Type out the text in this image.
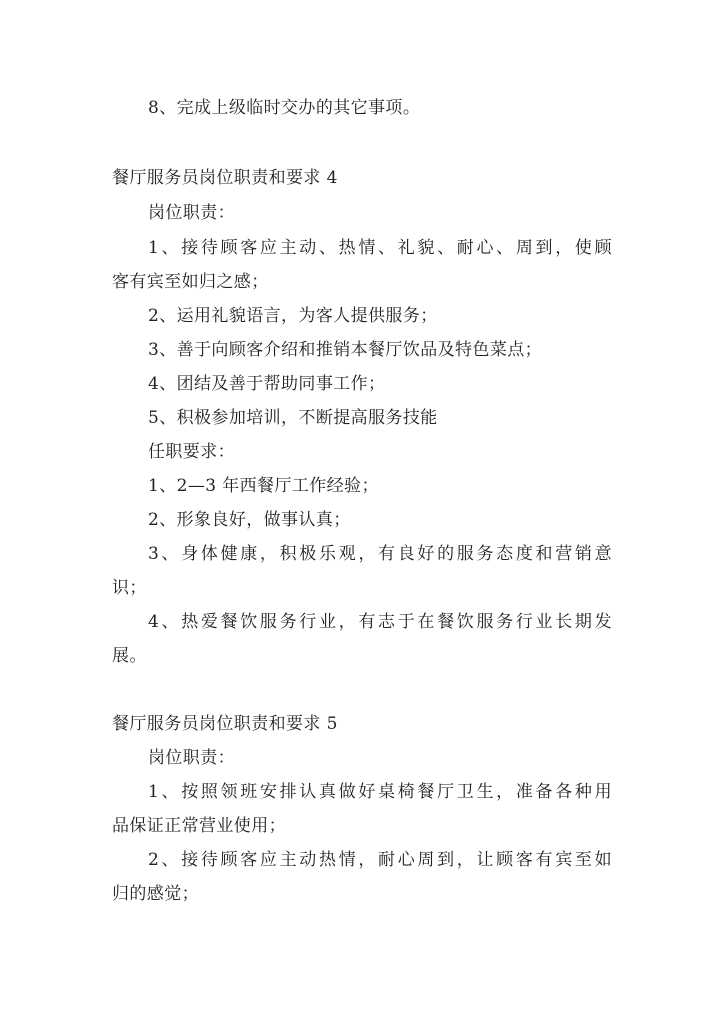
8、完成上级临时交办的其它事项。
餐厅服务员岗位职责和要求 4
岗位职责：
1、接待顾客应主动、热情、礼貌、耐心、周到，使顾
客有宾至如归之感；
2、运用礼貌语言，为客人提供服务；
3、善于向顾客介绍和推销本餐厅饮品及特色菜点；
4、团结及善于帮助同事工作；
5、积极参加培训，不断提高服务技能
任职要求：
1、2—3 年西餐厅工作经验；
2、形象良好，做事认真；
3、身体健康，积极乐观，有良好的服务态度和营销意
识；
4、热爱餐饮服务行业，有志于在餐饮服务行业长期发
展。
餐厅服务员岗位职责和要求 5
岗位职责：
1、按照领班安排认真做好桌椅餐厅卫生，准备各种用
品保证正常营业使用；
2、接待顾客应主动热情，耐心周到，让顾客有宾至如
归的感觉；
